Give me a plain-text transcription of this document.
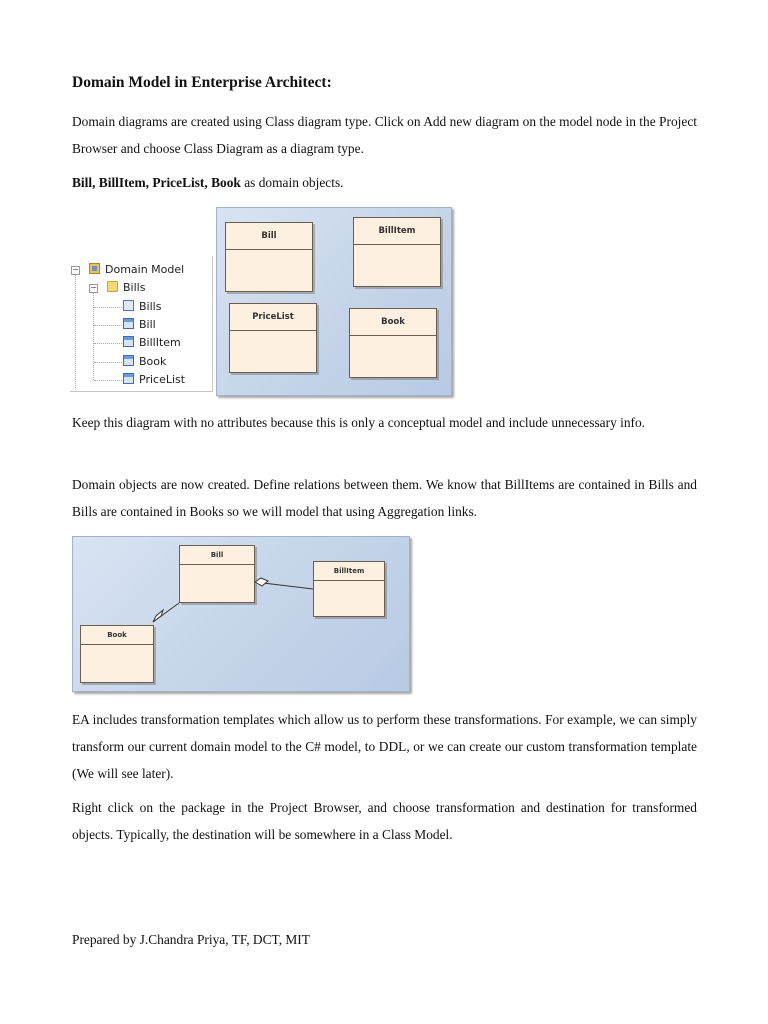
Domain Model in Enterprise Architect:

Domain diagrams are created using Class diagram type. Click on Add new diagram on the model node in the Project Browser and choose Class Diagram as a diagram type.

Bill, BillItem, PriceList, Book as domain objects.

−
−
Domain Model
Bills
Bills
Bill
BillItem
Book
PriceList
Bill	BillItem
PriceList	Book

Keep this diagram with no attributes because this is only a conceptual model and include unnecessary info.

Domain objects are now created. Define relations between them. We know that BillItems are contained in Bills and Bills are contained in Books so we will model that using Aggregation links.

Bill
BillItem
Book

EA includes transformation templates which allow us to perform these transformations. For example, we can simply transform our current domain model to the C# model, to DDL, or we can create our custom transformation template (We will see later).

Right click on the package in the Project Browser, and choose transformation and destination for transformed objects. Typically, the destination will be somewhere in a Class Model.

Prepared by J.Chandra Priya, TF, DCT, MIT
